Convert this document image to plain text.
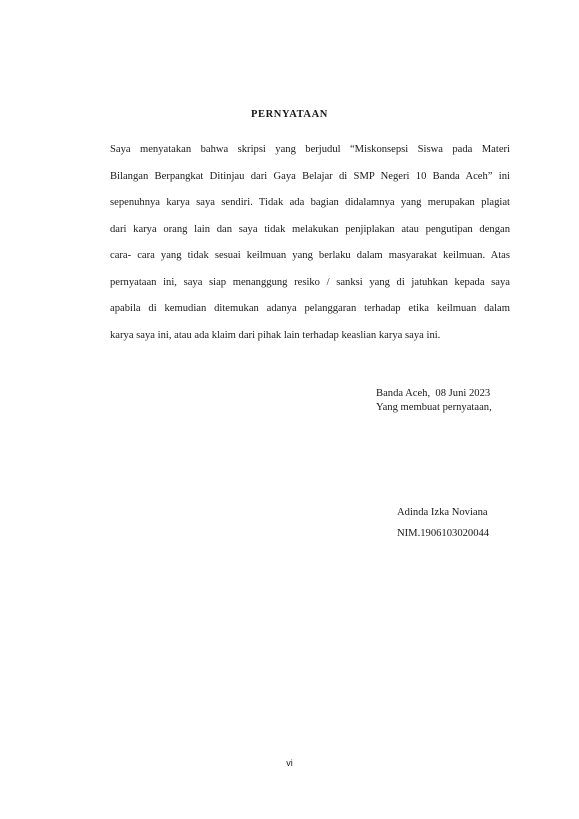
PERNYATAAN
Saya menyatakan bahwa skripsi yang berjudul “Miskonsepsi Siswa pada Materi
Bilangan Berpangkat Ditinjau dari Gaya Belajar di SMP Negeri 10 Banda Aceh” ini
sepenuhnya karya saya sendiri. Tidak ada bagian didalamnya yang merupakan plagiat
dari karya orang lain dan saya tidak melakukan penjiplakan atau pengutipan dengan
cara- cara yang tidak sesuai keilmuan yang berlaku dalam masyarakat keilmuan. Atas
pernyataan ini, saya siap menanggung resiko / sanksi yang di jatuhkan kepada saya
apabila di kemudian ditemukan adanya pelanggaran terhadap etika keilmuan dalam
karya saya ini, atau ada klaim dari pihak lain terhadap keaslian karya saya ini.
Banda Aceh,  08 Juni 2023
Yang membuat pernyataan,
Adinda Izka Noviana
NIM.1906103020044
vi
